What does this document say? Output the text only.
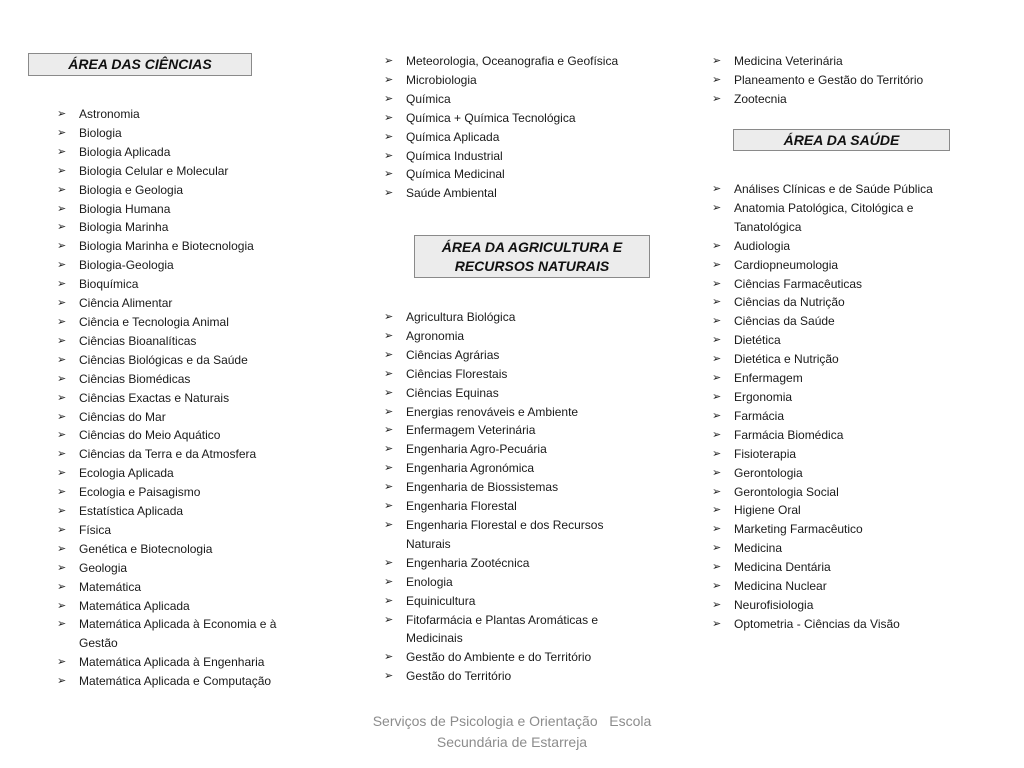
ÁREA DAS CIÊNCIAS
➢ Astronomia
➢ Biologia
➢ Biologia Aplicada
➢ Biologia Celular e Molecular
➢ Biologia e Geologia
➢ Biologia Humana
➢ Biologia Marinha
➢ Biologia Marinha e Biotecnologia
➢ Biologia-Geologia
➢ Bioquímica
➢ Ciência Alimentar
➢ Ciência e Tecnologia Animal
➢ Ciências Bioanalíticas
➢ Ciências Biológicas e da Saúde
➢ Ciências Biomédicas
➢ Ciências Exactas e Naturais
➢ Ciências do Mar
➢ Ciências do Meio Aquático
➢ Ciências da Terra e da Atmosfera
➢ Ecologia Aplicada
➢ Ecologia e Paisagismo
➢ Estatística Aplicada
➢ Física
➢ Genética e Biotecnologia
➢ Geologia
➢ Matemática
➢ Matemática Aplicada
➢ Matemática Aplicada à Economia e à Gestão
➢ Matemática Aplicada à Engenharia
➢ Matemática Aplicada e Computação
➢ Meteorologia, Oceanografia e Geofísica
➢ Microbiologia
➢ Química
➢ Química + Química Tecnológica
➢ Química Aplicada
➢ Química Industrial
➢ Química Medicinal
➢ Saúde Ambiental
ÁREA DA AGRICULTURA E RECURSOS NATURAIS
➢ Agricultura Biológica
➢ Agronomia
➢ Ciências Agrárias
➢ Ciências Florestais
➢ Ciências Equinas
➢ Energias renováveis e Ambiente
➢ Enfermagem Veterinária
➢ Engenharia Agro-Pecuária
➢ Engenharia Agronómica
➢ Engenharia de Biossistemas
➢ Engenharia Florestal
➢ Engenharia Florestal e dos Recursos Naturais
➢ Engenharia Zootécnica
➢ Enologia
➢ Equinicultura
➢ Fitofarmácia e Plantas Aromáticas e Medicinais
➢ Gestão do Ambiente e do Território
➢ Gestão do Território
➢ Medicina Veterinária
➢ Planeamento e Gestão do Território
➢ Zootecnia
ÁREA DA SAÚDE
➢ Análises Clínicas e de Saúde Pública
➢ Anatomia Patológica, Citológica e Tanatológica
➢ Audiologia
➢ Cardiopneumologia
➢ Ciências Farmacêuticas
➢ Ciências da Nutrição
➢ Ciências da Saúde
➢ Dietética
➢ Dietética e Nutrição
➢ Enfermagem
➢ Ergonomia
➢ Farmácia
➢ Farmácia Biomédica
➢ Fisioterapia
➢ Gerontologia
➢ Gerontologia Social
➢ Higiene Oral
➢ Marketing Farmacêutico
➢ Medicina
➢ Medicina Dentária
➢ Medicina Nuclear
➢ Neurofisiologia
➢ Optometria - Ciências da Visão
Serviços de Psicologia e Orientação   Escola
Secundária de Estarreja
